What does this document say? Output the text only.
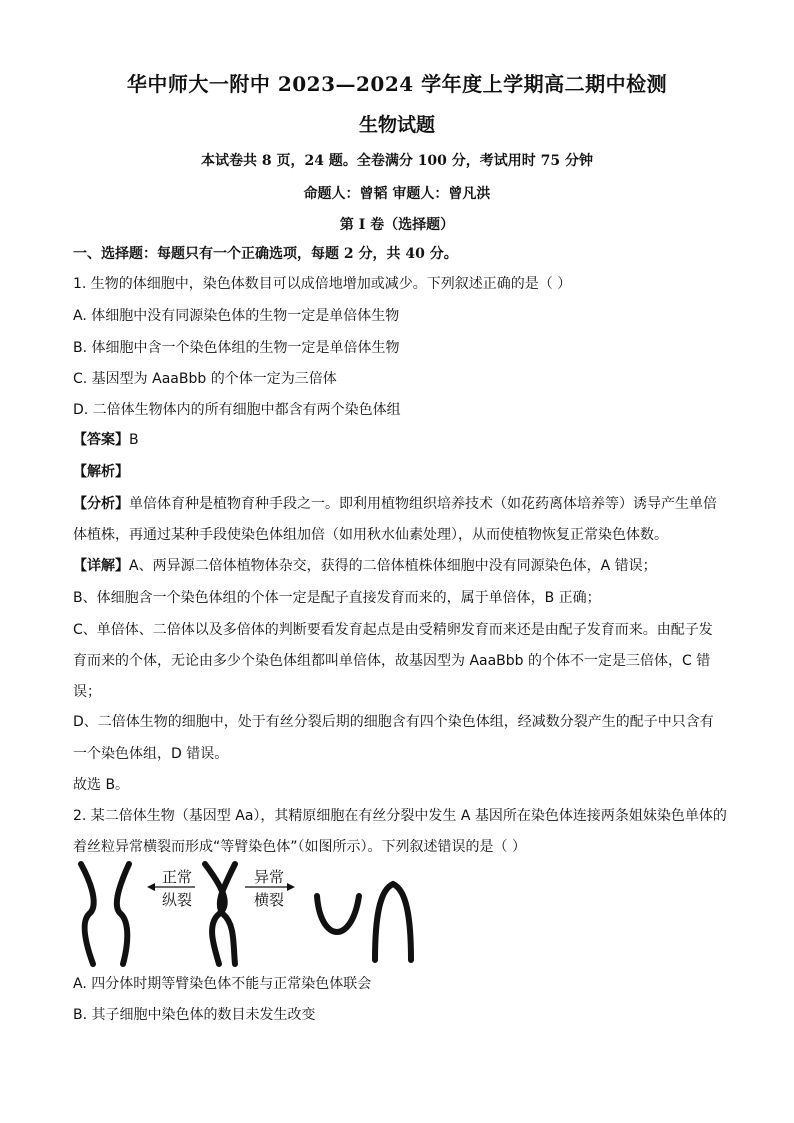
华中师大一附中 2023—2024 学年度上学期高二期中检测
生物试题
本试卷共 8 页，24 题。全卷满分 100 分，考试用时 75 分钟
命题人：曾韬 审题人：曾凡洪
第 I 卷（选择题）
一、选择题：每题只有一个正确选项，每题 2 分，共 40 分。
1. 生物的体细胞中，染色体数目可以成倍地增加或减少。下列叙述正确的是（ ）
A. 体细胞中没有同源染色体的生物一定是单倍体生物
B. 体细胞中含一个染色体组的生物一定是单倍体生物
C. 基因型为 AaaBbb 的个体一定为三倍体
D. 二倍体生物体内的所有细胞中都含有两个染色体组
【答案】B
【解析】
【分析】单倍体育种是植物育种手段之一。即利用植物组织培养技术（如花药离体培养等）诱导产生单倍
体植株，再通过某种手段使染色体组加倍（如用秋水仙素处理），从而使植物恢复正常染色体数。
【详解】A、两异源二倍体植物体杂交，获得的二倍体植株体细胞中没有同源染色体，A 错误；
B、体细胞含一个染色体组的个体一定是配子直接发育而来的，属于单倍体，B 正确；
C、单倍体、二倍体以及多倍体的判断要看发育起点是由受精卵发育而来还是由配子发育而来。由配子发
育而来的个体，无论由多少个染色体组都叫单倍体，故基因型为 AaaBbb 的个体不一定是三倍体，C 错
误；
D、二倍体生物的细胞中，处于有丝分裂后期的细胞含有四个染色体组，经减数分裂产生的配子中只含有
一个染色体组，D 错误。
故选 B。
2. 某二倍体生物（基因型 Aa），其精原细胞在有丝分裂中发生 A 基因所在染色体连接两条姐妹染色单体的
着丝粒异常横裂而形成“等臂染色体”（如图所示）。下列叙述错误的是（ ）
正常
纵裂
异常
横裂
A. 四分体时期等臂染色体不能与正常染色体联会
B. 其子细胞中染色体的数目未发生改变
